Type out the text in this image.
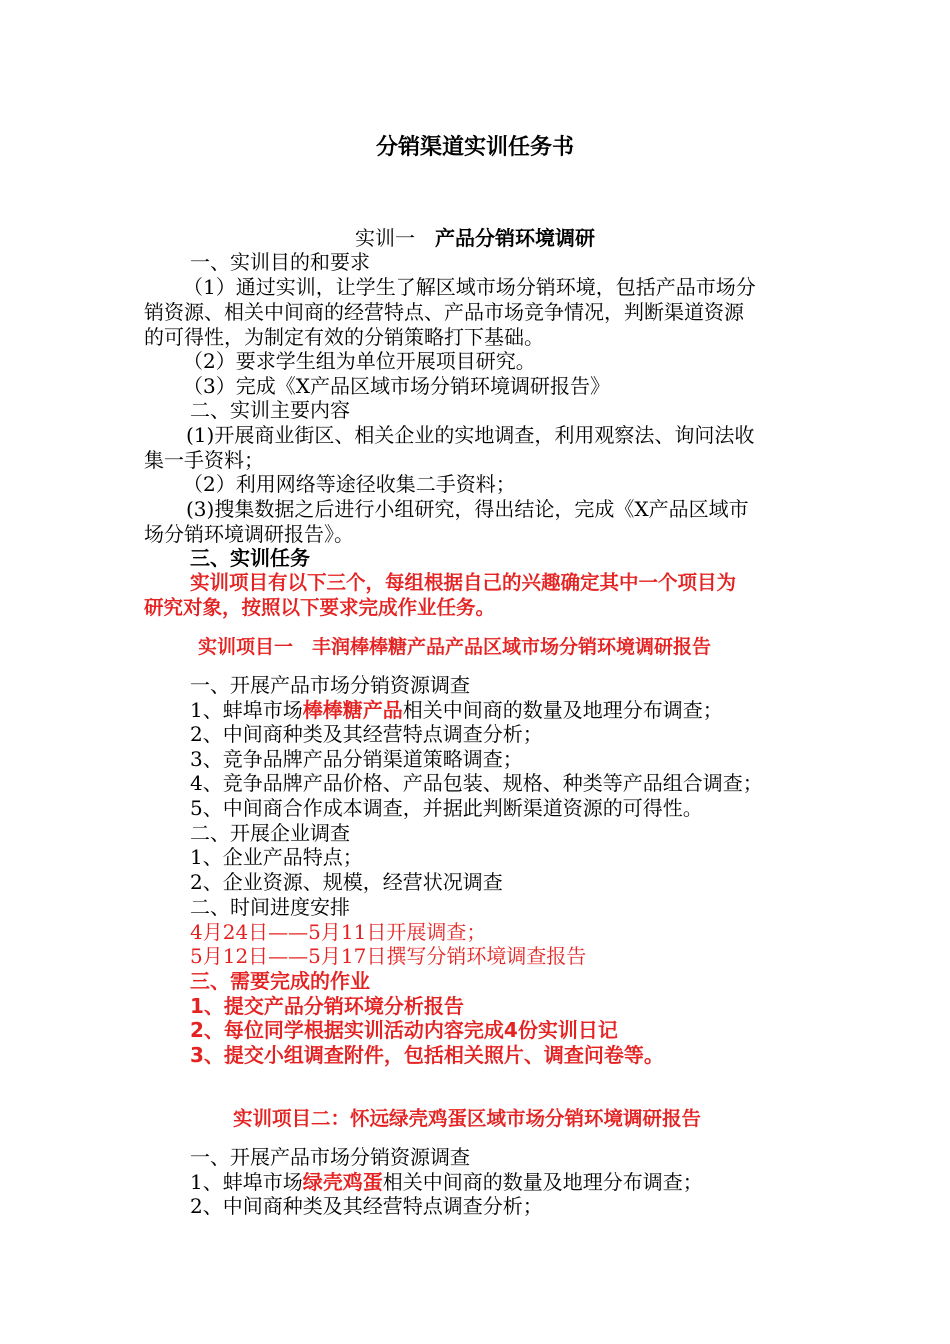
分销渠道实训任务书
实训一　 产品分销环境调研
一、实训目的和要求
（1）通过实训，让学生了解区域市场分销环境，包括产品市场分
销资源、相关中间商的经营特点、产品市场竞争情况，判断渠道资源
的可得性，为制定有效的分销策略打下基础。
（2）要求学生组为单位开展项目研究。
（3）完成《X产品区域市场分销环境调研报告》
二、实训主要内容
(1)开展商业街区、相关企业的实地调查，利用观察法、询问法收
集一手资料；
（2）利用网络等途径收集二手资料；
(3)搜集数据之后进行小组研究，得出结论，完成《X产品区域市
场分销环境调研报告》。
三、实训任务
实训项目有以下三个，每组根据自己的兴趣确定其中一个项目为
研究对象，按照以下要求完成作业任务。
实训项目一　丰润棒棒糖产品产品区域市场分销环境调研报告
一、开展产品市场分销资源调查
1、蚌埠市场棒棒糖产品相关中间商的数量及地理分布调查；
2、中间商种类及其经营特点调查分析；
3、竞争品牌产品分销渠道策略调查；
4、竞争品牌产品价格、产品包装、规格、种类等产品组合调查；
5、中间商合作成本调查，并据此判断渠道资源的可得性。
二、开展企业调查
1、企业产品特点；
2、企业资源、规模，经营状况调查
二、时间进度安排
4月24日——5月11日开展调查；
5月12日——5月17日撰写分销环境调查报告
三、需要完成的作业
1、提交产品分销环境分析报告
2、每位同学根据实训活动内容完成4份实训日记
3、提交小组调查附件，包括相关照片、调查问卷等。
实训项目二：怀远绿壳鸡蛋区域市场分销环境调研报告
一、开展产品市场分销资源调查
1、蚌埠市场绿壳鸡蛋相关中间商的数量及地理分布调查；
2、中间商种类及其经营特点调查分析；
